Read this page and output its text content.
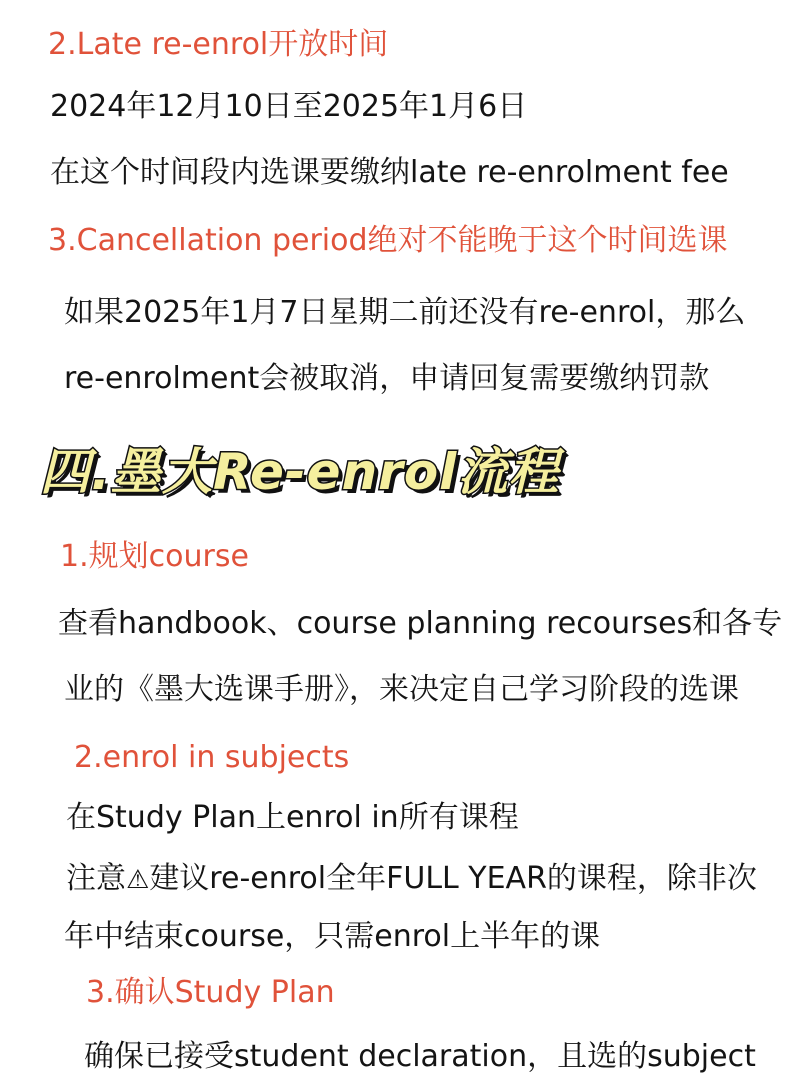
2.Late re-enrol开放时间

2024年12月10日至2025年1月6日

在这个时间段内选课要缴纳late re-enrolment fee

3.Cancellation period绝对不能晚于这个时间选课

如果2025年1月7日星期二前还没有re-enrol，那么

re-enrolment会被取消，申请回复需要缴纳罚款

四.墨大Re-enrol流程

1.规划course

查看handbook、course planning recourses和各专

业的《墨大选课手册》，来决定自己学习阶段的选课

2.enrol in subjects

在Study Plan上enrol in所有课程

注意⚠建议re-enrol全年FULL YEAR的课程，除非次

年中结束course，只需enrol上半年的课

3.确认Study Plan

确保已接受student declaration，且选的subject
